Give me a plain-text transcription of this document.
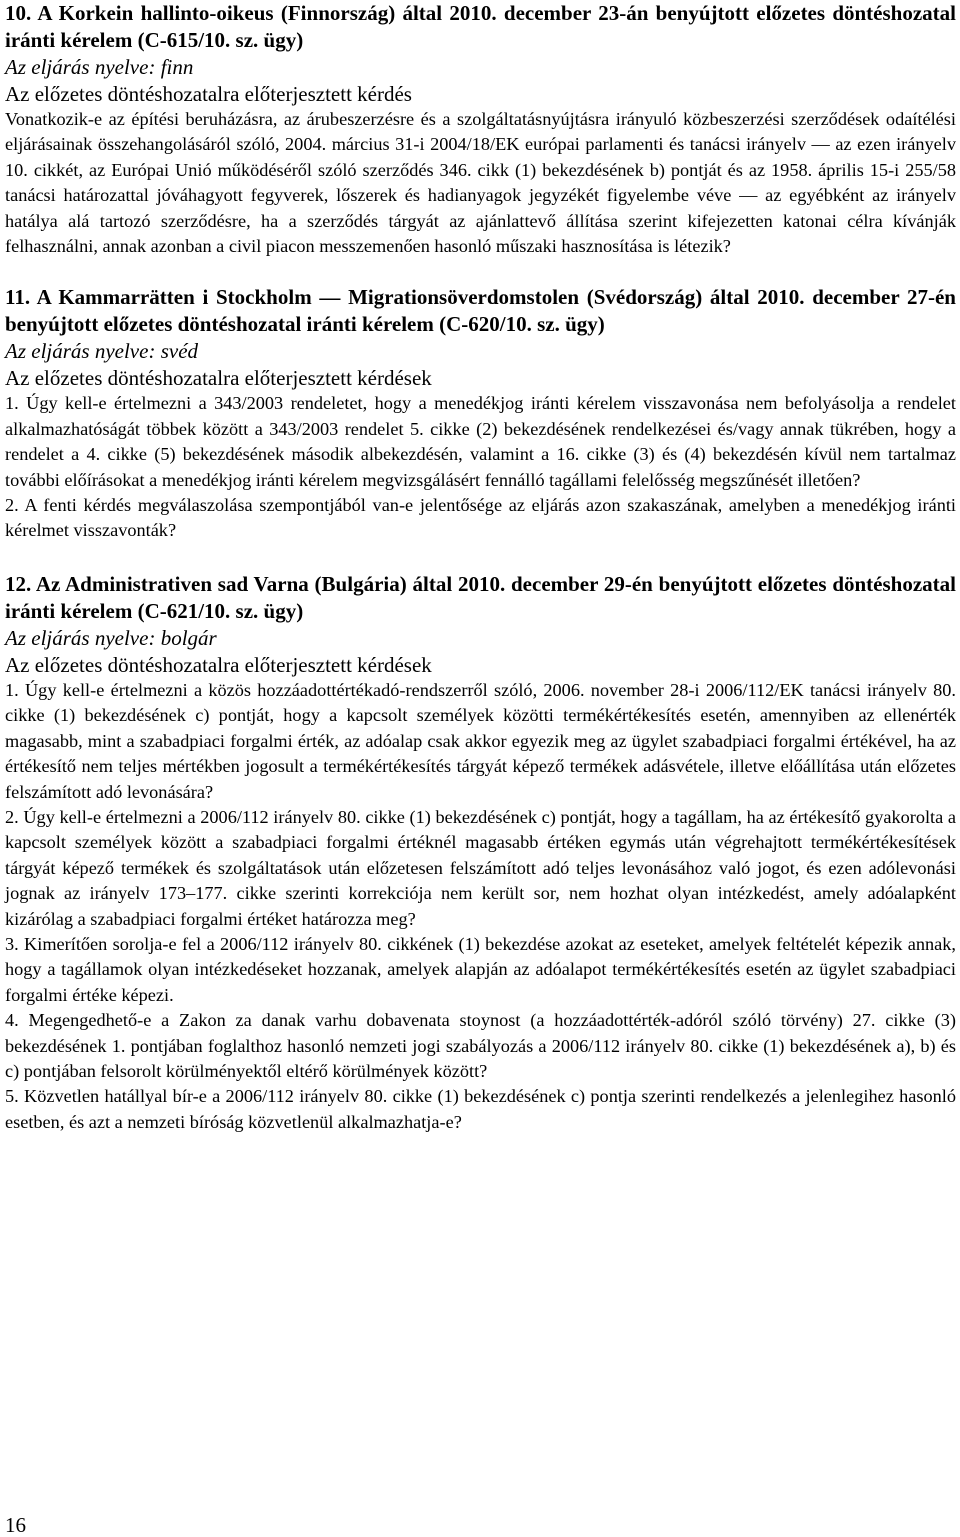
10. A Korkein hallinto-oikeus (Finnország) által 2010. december 23-án benyújtott előzetes döntéshozatal iránti kérelem (C-615/10. sz. ügy)

Az eljárás nyelve: finn

Az előzetes döntéshozatalra előterjesztett kérdés

Vonatkozik-e az építési beruházásra, az árubeszerzésre és a szolgáltatásnyújtásra irányuló közbeszerzési szerződések odaítélési eljárásainak összehangolásáról szóló, 2004. március 31-i 2004/18/EK európai parlamenti és tanácsi irányelv — az ezen irányelv 10. cikkét, az Európai Unió működéséről szóló szerződés 346. cikk (1) bekezdésének b) pontját és az 1958. április 15-i 255/58 tanácsi határozattal jóváhagyott fegyverek, lőszerek és hadianyagok jegyzékét figyelembe véve — az egyébként az irányelv hatálya alá tartozó szerződésre, ha a szerződés tárgyát az ajánlattevő állítása szerint kifejezetten katonai célra kívánják felhasználni, annak azonban a civil piacon messzemenően hasonló műszaki hasznosítása is létezik?

11. A Kammarrätten i Stockholm — Migrationsöverdomstolen (Svédország) által 2010. december 27-én benyújtott előzetes döntéshozatal iránti kérelem (C-620/10. sz. ügy)

Az eljárás nyelve: svéd

Az előzetes döntéshozatalra előterjesztett kérdések

1. Úgy kell-e értelmezni a 343/2003 rendeletet, hogy a menedékjog iránti kérelem visszavonása nem befolyásolja a rendelet alkalmazhatóságát többek között a 343/2003 rendelet 5. cikke (2) bekezdésének rendelkezései és/vagy annak tükrében, hogy a rendelet a 4. cikke (5) bekezdésének második albekezdésén, valamint a 16. cikke (3) és (4) bekezdésén kívül nem tartalmaz további előírásokat a menedékjog iránti kérelem megvizsgálásért fennálló tagállami felelősség megszűnését illetően?

2. A fenti kérdés megválaszolása szempontjából van-e jelentősége az eljárás azon szakaszának, amelyben a menedékjog iránti kérelmet visszavonták?

12. Az Administrativen sad Varna (Bulgária) által 2010. december 29-én benyújtott előzetes döntéshozatal iránti kérelem (C-621/10. sz. ügy)

Az eljárás nyelve: bolgár

Az előzetes döntéshozatalra előterjesztett kérdések

1. Úgy kell-e értelmezni a közös hozzáadottértékadó-rendszerről szóló, 2006. november 28-i 2006/112/EK tanácsi irányelv 80. cikke (1) bekezdésének c) pontját, hogy a kapcsolt személyek közötti termékértékesítés esetén, amennyiben az ellenérték magasabb, mint a szabadpiaci forgalmi érték, az adóalap csak akkor egyezik meg az ügylet szabadpiaci forgalmi értékével, ha az értékesítő nem teljes mértékben jogosult a termékértékesítés tárgyát képező termékek adásvétele, illetve előállítása után előzetes felszámított adó levonására?

2. Úgy kell-e értelmezni a 2006/112 irányelv 80. cikke (1) bekezdésének c) pontját, hogy a tagállam, ha az értékesítő gyakorolta a kapcsolt személyek között a szabadpiaci forgalmi értéknél magasabb értéken egymás után végrehajtott termékértékesítések tárgyát képező termékek és szolgáltatások után előzetesen felszámított adó teljes levonásához való jogot, és ezen adólevonási jognak az irányelv 173–177. cikke szerinti korrekciója nem került sor, nem hozhat olyan intézkedést, amely adóalapként kizárólag a szabadpiaci forgalmi értéket határozza meg?

3. Kimerítően sorolja-e fel a 2006/112 irányelv 80. cikkének (1) bekezdése azokat az eseteket, amelyek feltételét képezik annak, hogy a tagállamok olyan intézkedéseket hozzanak, amelyek alapján az adóalapot termékértékesítés esetén az ügylet szabadpiaci forgalmi értéke képezi.

4. Megengedhető-e a Zakon za danak varhu dobavenata stoynost (a hozzáadottérték-adóról szóló törvény) 27. cikke (3) bekezdésének 1. pontjában foglalthoz hasonló nemzeti jogi szabályozás a 2006/112 irányelv 80. cikke (1) bekezdésének a), b) és c) pontjában felsorolt körülményektől eltérő körülmények között?

5. Közvetlen hatállyal bír-e a 2006/112 irányelv 80. cikke (1) bekezdésének c) pontja szerinti rendelkezés a jelenlegihez hasonló esetben, és azt a nemzeti bíróság közvetlenül alkalmazhatja-e?

16
